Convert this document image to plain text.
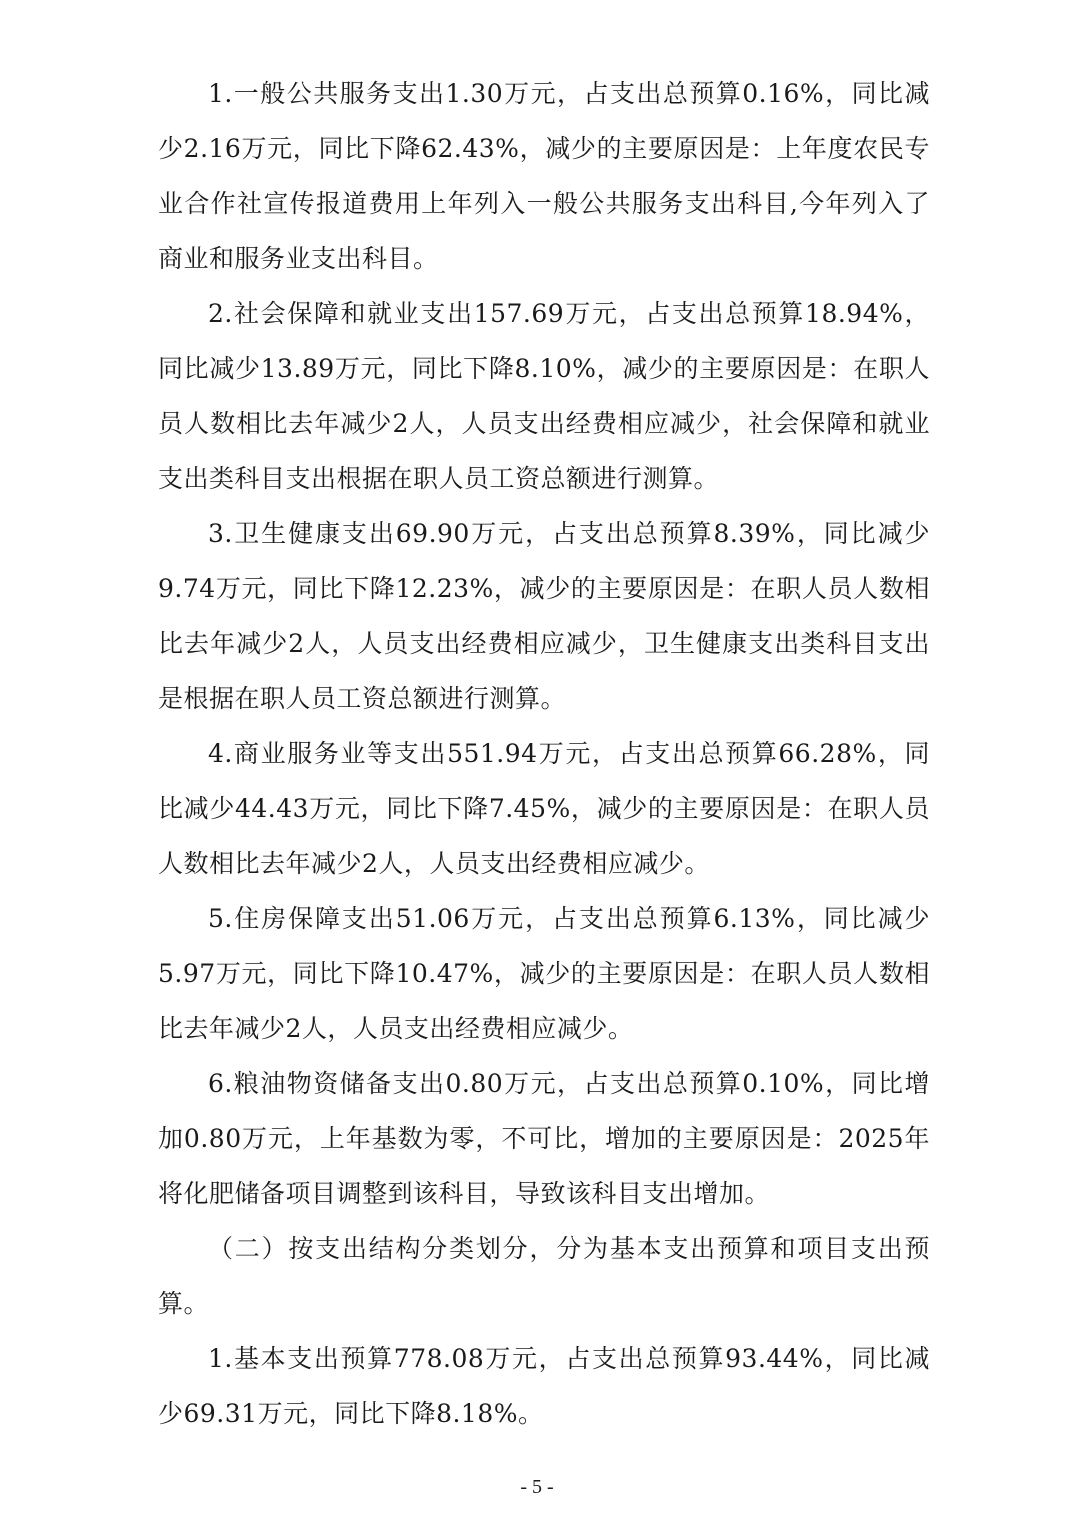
1.一般公共服务支出1.30万元，占支出总预算0.16%，同比减少2.16万元，同比下降62.43%，减少的主要原因是：上年度农民专业合作社宣传报道费用上年列入一般公共服务支出科目,今年列入了商业和服务业支出科目。

2.社会保障和就业支出157.69万元，占支出总预算18.94%，同比减少13.89万元，同比下降8.10%，减少的主要原因是：在职人员人数相比去年减少2人，人员支出经费相应减少，社会保障和就业支出类科目支出根据在职人员工资总额进行测算。

3.卫生健康支出69.90万元，占支出总预算8.39%，同比减少9.74万元，同比下降12.23%，减少的主要原因是：在职人员人数相比去年减少2人，人员支出经费相应减少，卫生健康支出类科目支出是根据在职人员工资总额进行测算。

4.商业服务业等支出551.94万元，占支出总预算66.28%，同比减少44.43万元，同比下降7.45%，减少的主要原因是：在职人员人数相比去年减少2人，人员支出经费相应减少。

5.住房保障支出51.06万元，占支出总预算6.13%，同比减少5.97万元，同比下降10.47%，减少的主要原因是：在职人员人数相比去年减少2人，人员支出经费相应减少。

6.粮油物资储备支出0.80万元，占支出总预算0.10%，同比增加0.80万元，上年基数为零，不可比，增加的主要原因是：2025年将化肥储备项目调整到该科目，导致该科目支出增加。

（二）按支出结构分类划分，分为基本支出预算和项目支出预算。

1.基本支出预算778.08万元，占支出总预算93.44%，同比减少69.31万元，同比下降8.18%。

- 5 -
